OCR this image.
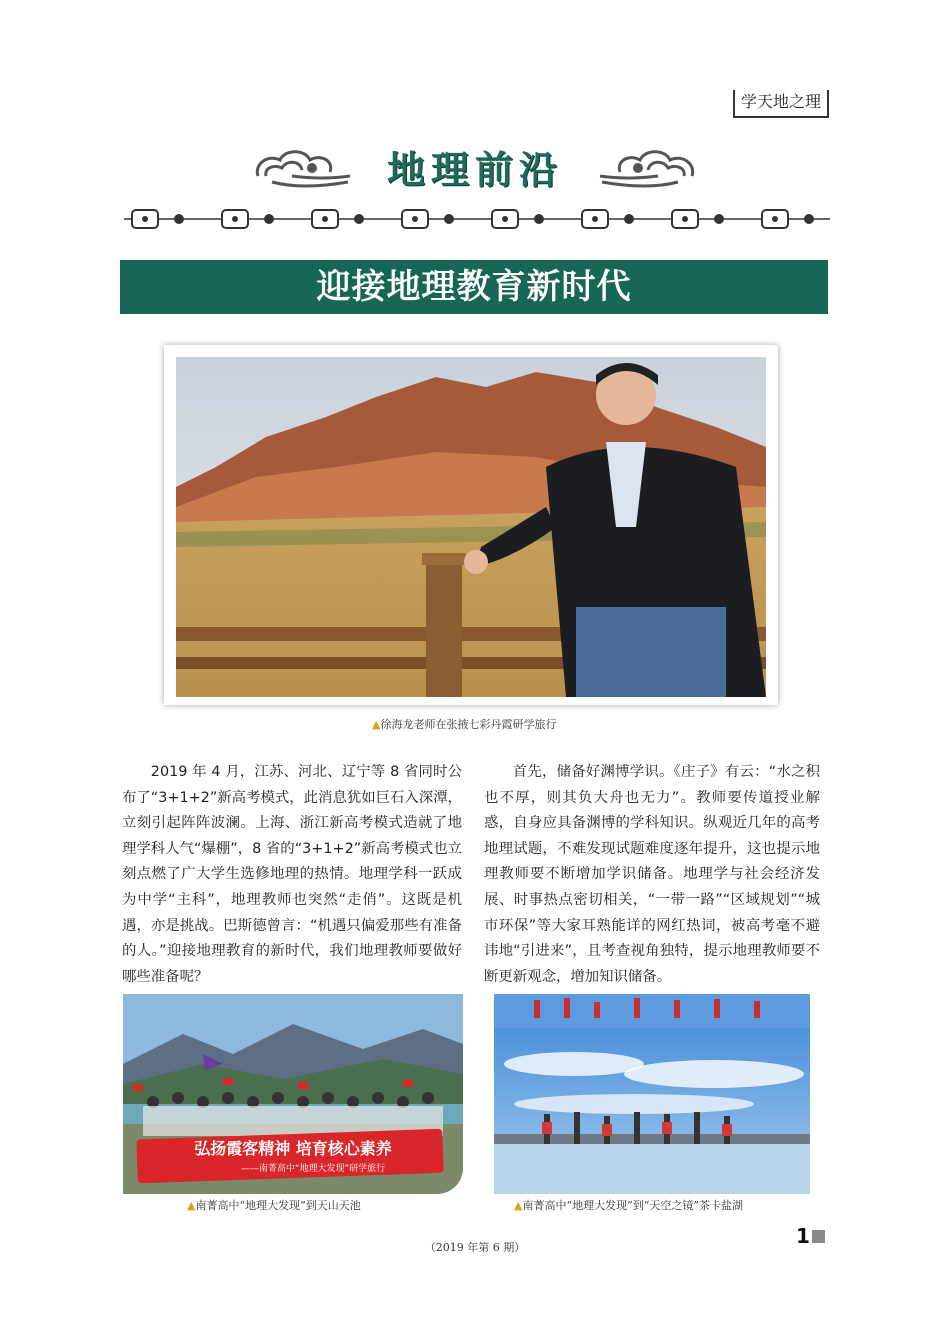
学天地之理
地理前沿
迎接地理教育新时代
▲徐海龙老师在张掖七彩丹霞研学旅行

2019 年 4 月，江苏、河北、辽宁等 8 省同时公布了“3+1+2”新高考模式，此消息犹如巨石入深潭，立刻引起阵阵波澜。上海、浙江新高考模式造就了地理学科人气“爆棚”，8 省的“3+1+2”新高考模式也立刻点燃了广大学生选修地理的热情。地理学科一跃成为中学“主科”，地理教师也突然“走俏”。这既是机遇，亦是挑战。巴斯德曾言：“机遇只偏爱那些有准备的人。”迎接地理教育的新时代，我们地理教师要做好哪些准备呢？

首先，储备好渊博学识。《庄子》有云：“水之积也不厚，则其负大舟也无力”。教师要传道授业解惑，自身应具备渊博的学科知识。纵观近几年的高考地理试题，不难发现试题难度逐年提升，这也提示地理教师要不断增加学识储备。地理学与社会经济发展、时事热点密切相关，“一带一路”“区域规划”“城市环保”等大家耳熟能详的网红热词，被高考毫不避讳地“引进来”，且考查视角独特，提示地理教师要不断更新观念，增加知识储备。

弘扬霞客精神 培育核心素养
——南菁高中“地理大发现”研学旅行
▲南菁高中“地理大发现”到天山天池	▲南菁高中“地理大发现”到“天空之镜”茶卡盐湖
（2019 年第 6 期）	1
